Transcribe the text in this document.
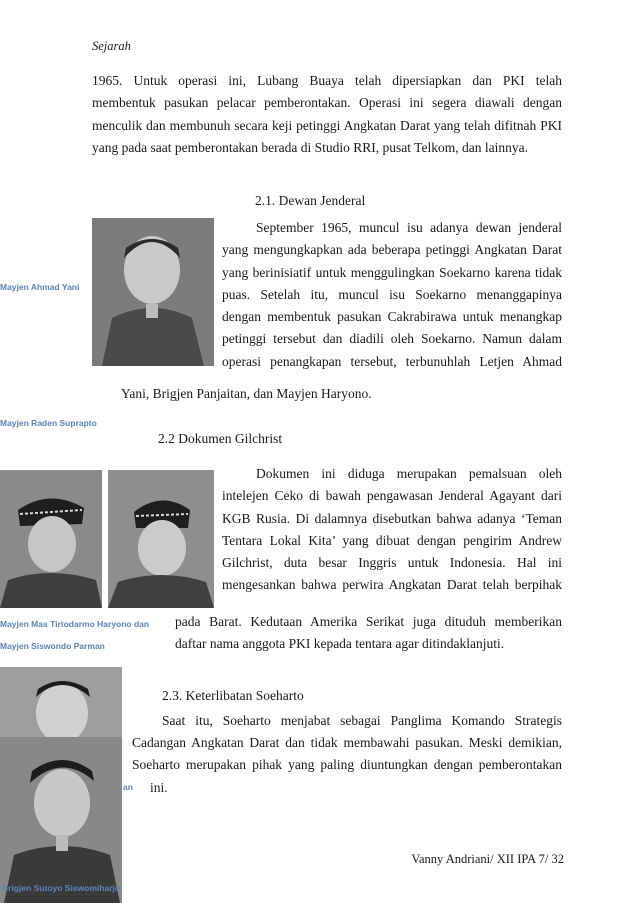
Sejarah
1965. Untuk operasi ini, Lubang Buaya telah dipersiapkan dan PKI telah
membentuk pasukan pelacar pemberontakan. Operasi ini segera diawali dengan
menculik dan membunuh secara keji petinggi Angkatan Darat yang telah difitnah PKI
yang pada saat pemberontakan berada di Studio RRI, pusat Telkom, dan lainnya.
2.1. Dewan Jenderal
Mayjen Ahmad Yani
September 1965, muncul isu adanya dewan jenderal
yang mengungkapkan ada beberapa petinggi Angkatan Darat
yang berinisiatif untuk menggulingkan Soekarno karena tidak
puas. Setelah itu, muncul isu Soekarno menanggapinya
dengan membentuk pasukan Cakrabirawa untuk menangkap
petinggi tersebut dan diadili oleh Soekarno. Namun dalam
operasi penangkapan tersebut, terbunuhlah Letjen Ahmad
Yani, Brigjen Panjaitan, dan Mayjen Haryono.
Mayjen Raden Suprapto
2.2 Dokumen Gilchrist
Dokumen ini diduga merupakan pemalsuan oleh
intelejen Ceko di bawah pengawasan Jenderal Agayant dari
KGB Rusia. Di dalamnya disebutkan bahwa adanya ‘Teman
Tentara Lokal Kita’ yang dibuat dengan pengirim Andrew
Gilchrist, duta besar Inggris untuk Indonesia. Hal ini
mengesankan bahwa perwira Angkatan Darat telah berpihak
Mayjen Mas Tirtodarmo Haryono dan
Mayjen Siswondo Parman
pada Barat. Kedutaan Amerika Serikat juga dituduh memberikan
daftar nama anggota PKI kepada tentara agar ditindaklanjuti.
2.3. Keterlibatan Soeharto
Saat itu, Soeharto menjabat sebagai Panglima Komando Strategis
Cadangan Angkatan Darat dan tidak membawahi pasukan. Meski demikian,
Soeharto merupakan pihak yang paling diuntungkan dengan pemberontakan
ini.
an
Brigjen Sutoyo Siswomiharjo
Vanny Andriani/ XII IPA 7/ 32
